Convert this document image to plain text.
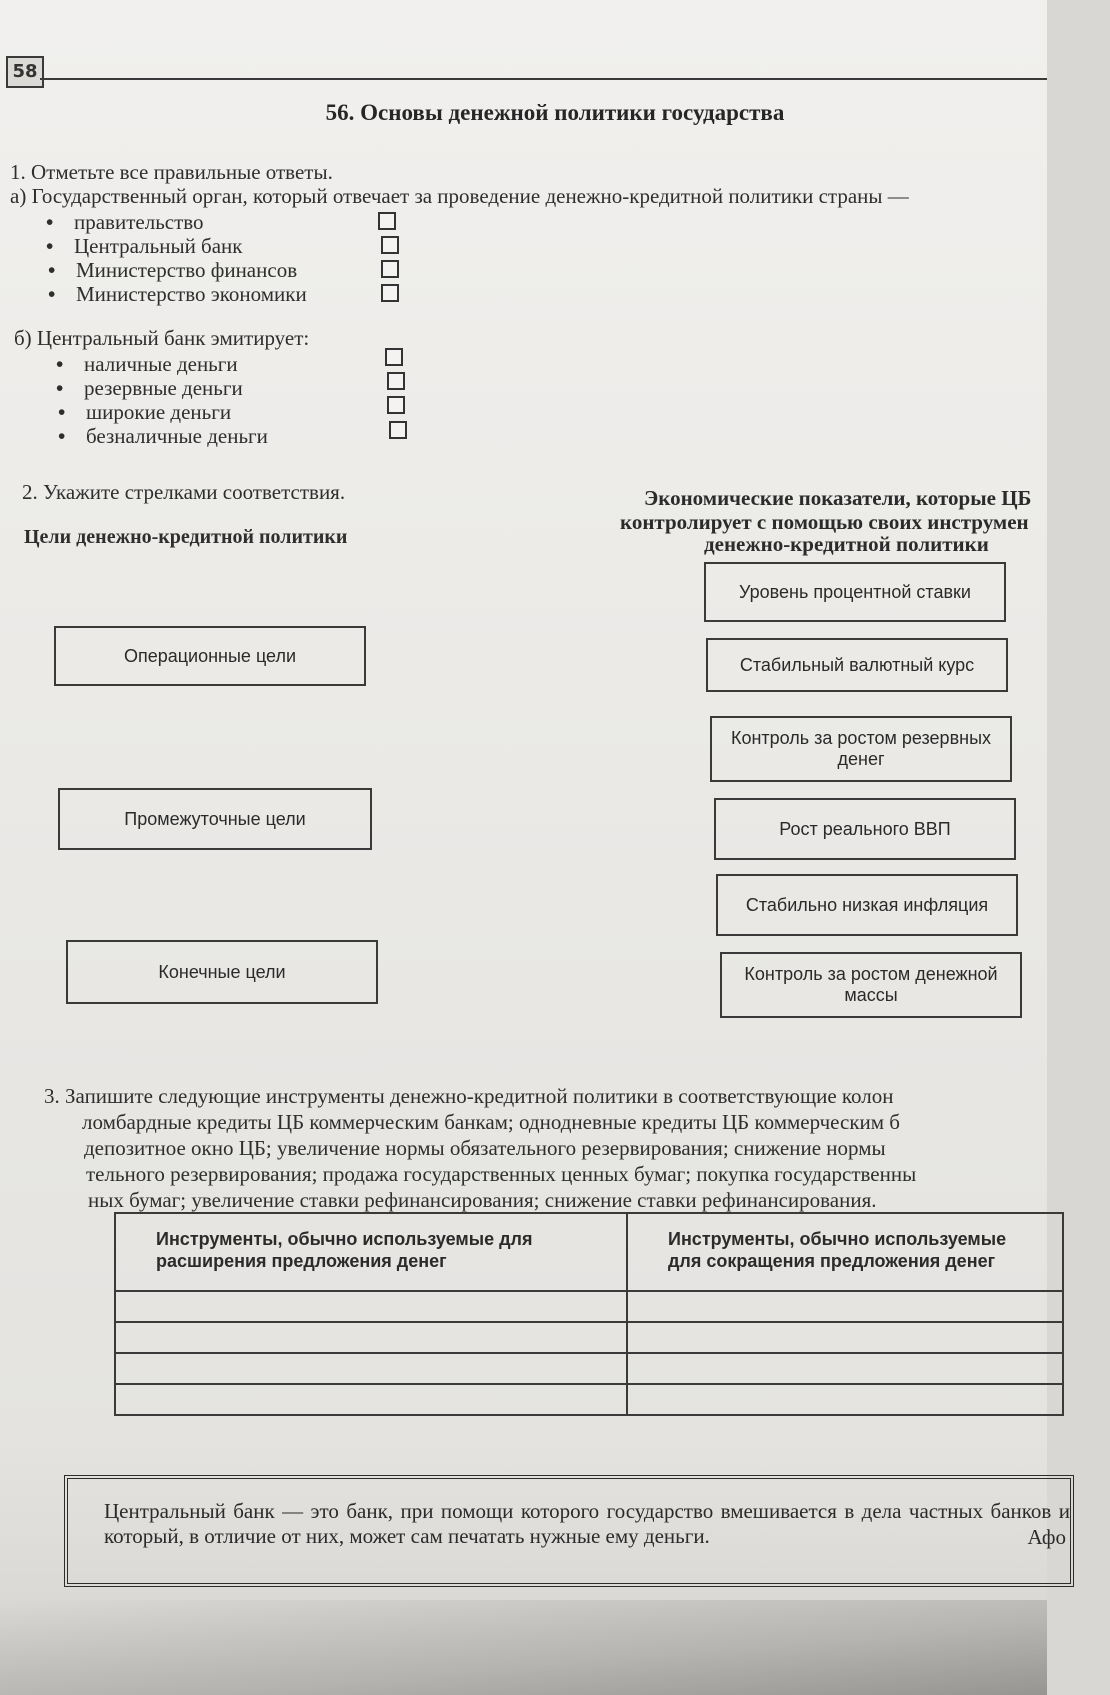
58
56. Основы денежной политики государства
1. Отметьте все правильные ответы.
а) Государственный орган, который отвечает за проведение денежно-кредитной политики страны —
• правительство
• Центральный банк
• Министерство финансов
• Министерство экономики
б) Центральный банк эмитирует:
• наличные деньги
• резервные деньги
• широкие деньги
• безналичные деньги
2. Укажите стрелками соответствия.
Цели денежно-кредитной политики
Экономические показатели, которые ЦБ
контролирует с помощью своих инструмен
денежно-кредитной политики
Операционные цели
Промежуточные цели
Конечные цели
Уровень процентной ставки
Стабильный валютный курс
Контроль за ростом резервных денег
Рост реального ВВП
Стабильно низкая инфляция
Контроль за ростом денежной массы
3. Запишите следующие инструменты денежно-кредитной политики в соответствующие колон
ломбардные кредиты ЦБ коммерческим банкам; однодневные кредиты ЦБ коммерческим б
депозитное окно ЦБ; увеличение нормы обязательного резервирования; снижение нормы
тельного резервирования; продажа государственных ценных бумаг; покупка государственны
ных бумаг; увеличение ставки рефинансирования; снижение ставки рефинансирования.
Инструменты, обычно используемые для расширения предложения денег	Инструменты, обычно используемые для сокращения предложения денег

Центральный банк — это банк, при помощи которого государство вмешивается в дела частных банков и который, в отличие от них, может сам печатать нужные ему деньги.	Афо
